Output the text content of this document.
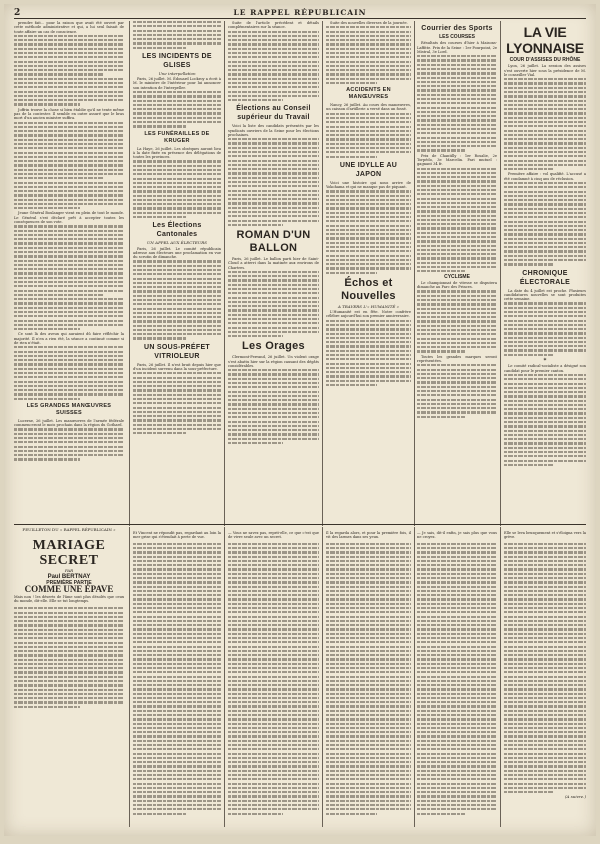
2	LE RAPPEL RÉPUBLICAIN

prendre fait... pour la raison que avait été ouvert par cette méthode administrative et qui, a lui seul faisait de toute affaire un cas de conscience.

Joffrin trouve la chose si bien établie qu'il ne tente même pas de la contester. Il semble en outre assuré que le bras mort d'un ancien ministre suffira.

Jeune Général Boulanger vient en plein de tout le monde. Le Général s'est déclaré prêt à accepter toutes les conséquences de son vote.

Ce sont là des aveux qui auraient dû faire réfléchir la majorité. Il n'en a rien été, la séance a continué comme si de rien n'était.

LES GRANDES MANŒUVRES SUISSES

Lucerne, 26 juillet. Les manœuvres de l'armée fédérale commenceront le mois prochain dans la région du Gothard.

LES INCIDENTS DE GLISES
Une interpellation

Paris, 26 juillet. M. Édouard Lockroy a écrit à M. le ministre de l'intérieur pour lui annoncer son intention de l'interpeller.

LES FUNÉRAILLES DE KRUGER

La Haye, 26 juillet. Les obsèques auront lieu à la date fixée en présence des délégations de toutes les provinces.

Les Élections Cantonales
UN APPEL AUX ÉLECTEURS

Paris, 26 juillet. Le comité républicain adresse aux électeurs une proclamation en vue du scrutin de dimanche.

UN SOUS-PRÉFET VITRIOLEUR

Paris, 26 juillet. Il n'est bruit depuis hier que d'un incident survenu dans la sous-préfecture.

Suite de l'article précédent et détails complémentaires sur la séance.

Élections au Conseil supérieur du Travail

Voici la liste des candidats présentés par les syndicats ouvriers de la Seine pour les élections prochaines.

ROMAN D'UN BALLON

Paris, 26 juillet. Le ballon parti hier de Saint-Cloud a atterri dans la matinée aux environs de Chartres.

Les Orages

Clermont-Ferrand, 26 juillet. Un violent orage s'est abattu hier sur la région causant des dégâts considérables.

Suite des nouvelles diverses de la journée.

ACCIDENTS EN MANŒUVRES

Nancy, 26 juillet. Au cours des manœuvres, un caisson d'artillerie a versé dans un fossé.

UNE IDYLLE AU JAPON

Voici une histoire qui nous arrive de Yokohama et qui ne manque pas de piquant.

Échos et Nouvelles
A TRAVERS L'« HUMANITÉ »

L'Humanité est en fête. Notre confrère célèbre aujourd'hui son premier anniversaire.

Courrier des Sports
LES COURSES

Résultats des courses d'hier à Maisons-Laffitte. Prix de la Seine : 1er Pourpoint, 2e Mistral, 3e Lord.

Prix de Chantilly : 1er Rosalie, 2e Torpédo, 3e Marcelin. Pari mutuel : gagnant 34 fr.

CYCLISME

Le championnat de vitesse se disputera dimanche au Parc des Princes.

Toutes les grandes marques seront représentées.

LA VIE LYONNAISE
COUR D'ASSISES DU RHÔNE

Lyon, 26 juillet. La session des assises s'est ouverte hier sous la présidence de M. le conseiller Vial.

Première affaire : vol qualifié. L'accusé a été condamné à cinq ans de réclusion.

CHRONIQUE ÉLECTORALE

La date du 4 juillet est proche. Plusieurs candidatures nouvelles se sont produites cette semaine.

✶

Le comité radical-socialiste a désigné son candidat pour le premier canton.

FEUILLETON DU « RAPPEL RÉPUBLICAIN »
MARIAGE SECRET
PAR
Paul BERTNAY
PREMIÈRE PARTIE
COMME UNE ÉPAVE

Mais non ! les déserts de l'âme sont plus désolés que ceux du monde, dit-elle. Elle se tut longtemps.

Et Vincent ne répondit pas, regardant au loin la mer grise qui s'étendait à perte de vue.

— Vous ne savez pas, reprit-elle, ce que c'est que de vivre seule avec un secret.

Il la regarda alors, et pour la première fois, il vit des larmes dans ses yeux.

— Je sais, dit-il enfin, je sais plus que vous ne croyez.

Elle se leva brusquement et s'éloigna vers la grève.

(A suivre.)
